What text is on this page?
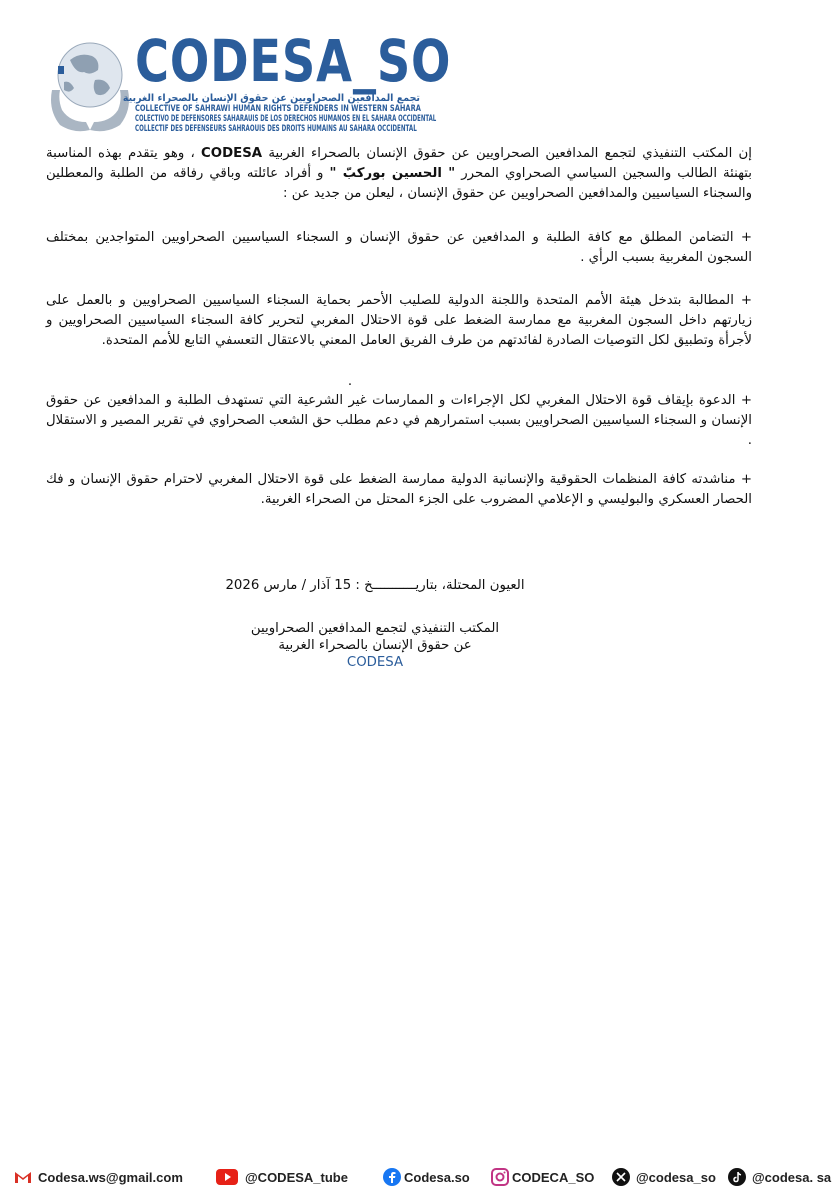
CODESA_SO
تجمع المدافعين الصحراويين عن حقوق الإنسان بالصحراء الغربية
COLLECTIVE OF SAHRAWI HUMAN RIGHTS DEFENDERS IN WESTERN SAHARA
COLECTIVO DE DEFENSORES SAHARAUIS DE LOS DERECHOS HUMANOS EN EL SAHARA OCCIDENTAL
COLLECTIF DES DEFENSEURS SAHRAOUIS DES DROITS HUMAINS AU SAHARA OCCIDENTAL

إن المكتب التنفيذي لتجمع المدافعين الصحراويين عن حقوق الإنسان بالصحراء الغربية CODESA ، وهو يتقدم بهذه المناسبة بتهنئة الطالب والسجين السياسي الصحراوي المحرر " الحسين بوركبّ " و أفراد عائلته وباقي رفاقه من الطلبة والمعطلين والسجناء السياسيين والمدافعين الصحراويين عن حقوق الإنسان ، ليعلن من جديد عن :

+ التضامن المطلق مع كافة الطلبة و المدافعين عن حقوق الإنسان و السجناء السياسيين الصحراويين المتواجدين بمختلف السجون المغربية بسبب الرأي .

+ المطالبة بتدخل هيئة الأمم المتحدة واللجنة الدولية للصليب الأحمر بحماية السجناء السياسيين الصحراويين و بالعمل على زيارتهم داخل السجون المغربية مع ممارسة الضغط على قوة الاحتلال المغربي لتحرير كافة السجناء السياسيين الصحراويين و لأجرأة وتطبيق لكل التوصيات الصادرة لفائدتهم من طرف الفريق العامل المعني بالاعتقال التعسفي التابع للأمم المتحدة.

.

+ الدعوة بإيقاف قوة الاحتلال المغربي لكل الإجراءات و الممارسات غير الشرعية التي تستهدف الطلبة و المدافعين عن حقوق الإنسان و السجناء السياسيين الصحراويين بسبب استمرارهم في دعم مطلب حق الشعب الصحراوي في تقرير المصير و الاستقلال .

+ مناشدته كافة المنظمات الحقوقية والإنسانية الدولية ممارسة الضغط على قوة الاحتلال المغربي لاحترام حقوق الإنسان و فك الحصار العسكري والبوليسي و الإعلامي المضروب على الجزء المحتل من الصحراء الغربية.

العيون المحتلة، بتاريـــــــــــخ : 15 آذار / مارس 2026
المكتب التنفيذي لتجمع المدافعين الصحراويين
عن حقوق الإنسان بالصحراء الغربية
CODESA
Codesa.ws@gmail.com	@CODESA_tube	Codesa.so	CODECA_SO	@codesa_so	@codesa. sa
